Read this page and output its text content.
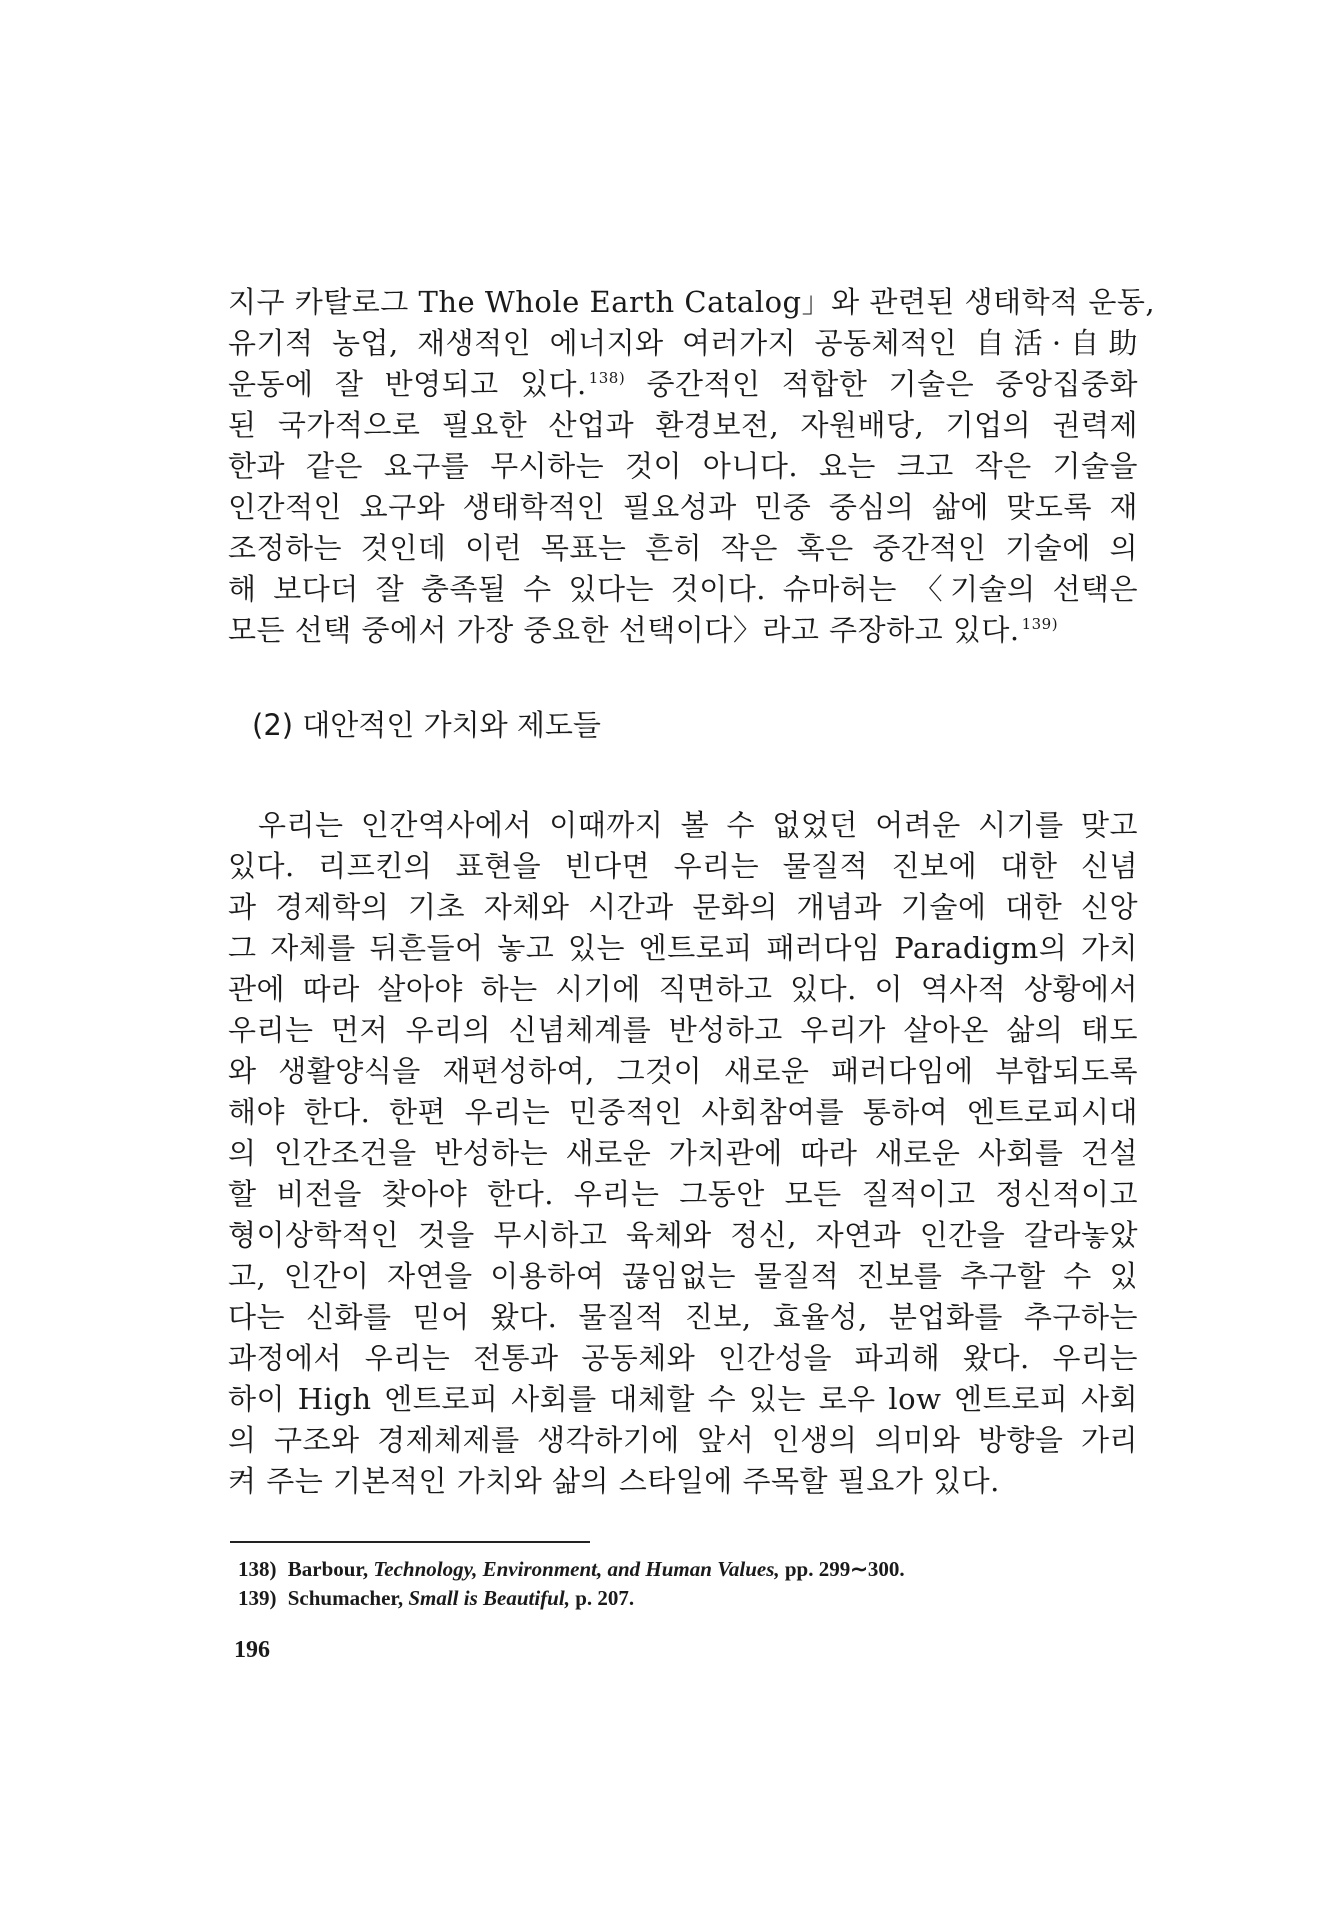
지구 카탈로그 The Whole Earth Catalog」와 관련된 생태학적 운동,
유기적 농업, 재생적인 에너지와 여러가지 공동체적인 自活·自助
운동에 잘 반영되고 있다. $^{138)}$ 중간적인 적합한 기술은 중앙집중화
된 국가적으로 필요한 산업과 환경보전, 자원배당, 기업의 권력제
한과 같은 요구를 무시하는 것이 아니다. 요는 크고 작은 기술을
인간적인 요구와 생태학적인 필요성과 민중 중심의 삶에 맞도록 재
조정하는 것인데 이런 목표는 흔히 작은 혹은 중간적인 기술에 의
해 보다더 잘 충족될 수 있다는 것이다. 슈마허는 〈기술의 선택은
모든 선택 중에서 가장 중요한 선택이다〉라고 주장하고 있다. $^{139)}$
(2) 대안적인 가치와 제도들
우리는 인간역사에서 이때까지 볼 수 없었던 어려운 시기를 맞고
있다. 리프킨의 표현을 빈다면 우리는 물질적 진보에 대한 신념
과 경제학의 기초 자체와 시간과 문화의 개념과 기술에 대한 신앙
그 자체를 뒤흔들어 놓고 있는 엔트로피 패러다임 Paradigm의 가치
관에 따라 살아야 하는 시기에 직면하고 있다. 이 역사적 상황에서
우리는 먼저 우리의 신념체계를 반성하고 우리가 살아온 삶의 태도
와 생활양식을 재편성하여, 그것이 새로운 패러다임에 부합되도록
해야 한다. 한편 우리는 민중적인 사회참여를 통하여 엔트로피시대
의 인간조건을 반성하는 새로운 가치관에 따라 새로운 사회를 건설
할 비전을 찾아야 한다. 우리는 그동안 모든 질적이고 정신적이고
형이상학적인 것을 무시하고 육체와 정신, 자연과 인간을 갈라놓았
고, 인간이 자연을 이용하여 끊임없는 물질적 진보를 추구할 수 있
다는 신화를 믿어 왔다. 물질적 진보, 효율성, 분업화를 추구하는
과정에서 우리는 전통과 공동체와 인간성을 파괴해 왔다. 우리는
하이 High 엔트로피 사회를 대체할 수 있는 로우 low 엔트로피 사회
의 구조와 경제체제를 생각하기에 앞서 인생의 의미와 방향을 가리
켜 주는 기본적인 가치와 삶의 스타일에 주목할 필요가 있다.
138) Barbour, Technology, Environment, and Human Values, pp. 299∼300.
139) Schumacher, Small is Beautiful, p. 207.
196
